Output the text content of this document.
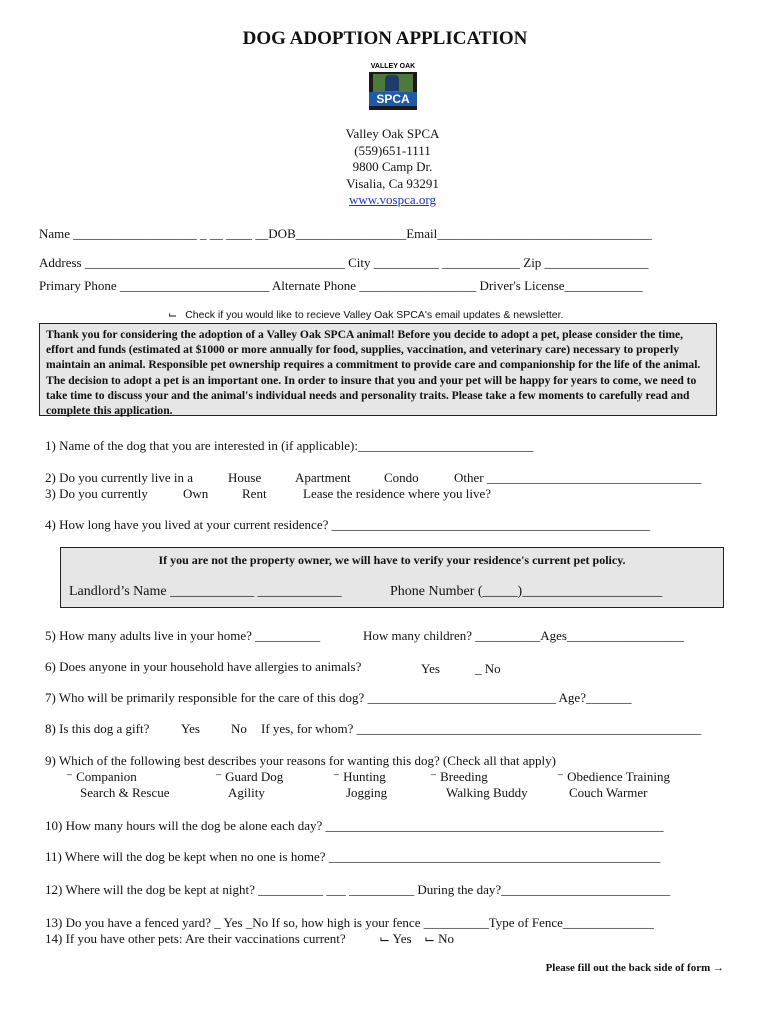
DOG ADOPTION APPLICATION
VALLEY OAK
SPCA
Valley Oak SPCA
(559)651-1111
9800 Camp Dr.
Visalia, Ca 93291
www.vospca.org
Name ___________________ _ __ ____ __DOB_________________Email_________________________________
Address ________________________________________ City __________ ____________ Zip ________________
Primary Phone _______________________ Alternate Phone __________________ Driver's License____________
⌙ Check if you would like to recieve Valley Oak SPCA's email updates & newsletter.
Thank you for considering the adoption of a Valley Oak SPCA animal! Before you decide to adopt a pet, please consider the time, effort and funds (estimated at $1000 or more annually for food, supplies, vaccination, and veterinary care) necessary to properly maintain an animal. Responsible pet ownership requires a commitment to provide care and companionship for the life of the animal. The decision to adopt a pet is an important one. In order to insure that you and your pet will be happy for years to come, we need to take time to discuss your and the animal's individual needs and personality traits. Please take a few moments to carefully read and complete this application.
1) Name of the dog that you are interested in (if applicable):___________________________
2) Do you currently live in a	House	Apartment	Condo	Other _________________________________
3) Do you currently	Own	Rent	Lease the residence where you live?
4) How long have you lived at your current residence? _________________________________________________
If you are not the property owner, we will have to verify your residence's current pet policy.
Landlord’s Name ____________ ____________	Phone Number (_____)____________________
5) How many adults live in your home? __________	How many children? __________Ages__________________
6) Does anyone in your household have allergies to animals?	Yes	_ No
7) Who will be primarily responsible for the care of this dog? _____________________________ Age?_______
8) Is this dog a gift? Yes No If yes, for whom? _____________________________________________________
9) Which of the following best describes your reasons for wanting this dog? (Check all that apply)
⁻ Companion	⁻ Guard Dog	⁻ Hunting	⁻ Breeding	⁻ Obedience Training
Search & Rescue	Agility	Jogging	Walking Buddy	Couch Warmer
10) How many hours will the dog be alone each day? ____________________________________________________
11) Where will the dog be kept when no one is home? ___________________________________________________
12) Where will the dog be kept at night? __________ ___ __________ During the day?__________________________
13) Do you have a fenced yard? _ Yes _No If so, how high is your fence __________Type of Fence______________
14) If you have other pets: Are their vaccinations current?	⌙ Yes ⌙ No
Please fill out the back side of form →
